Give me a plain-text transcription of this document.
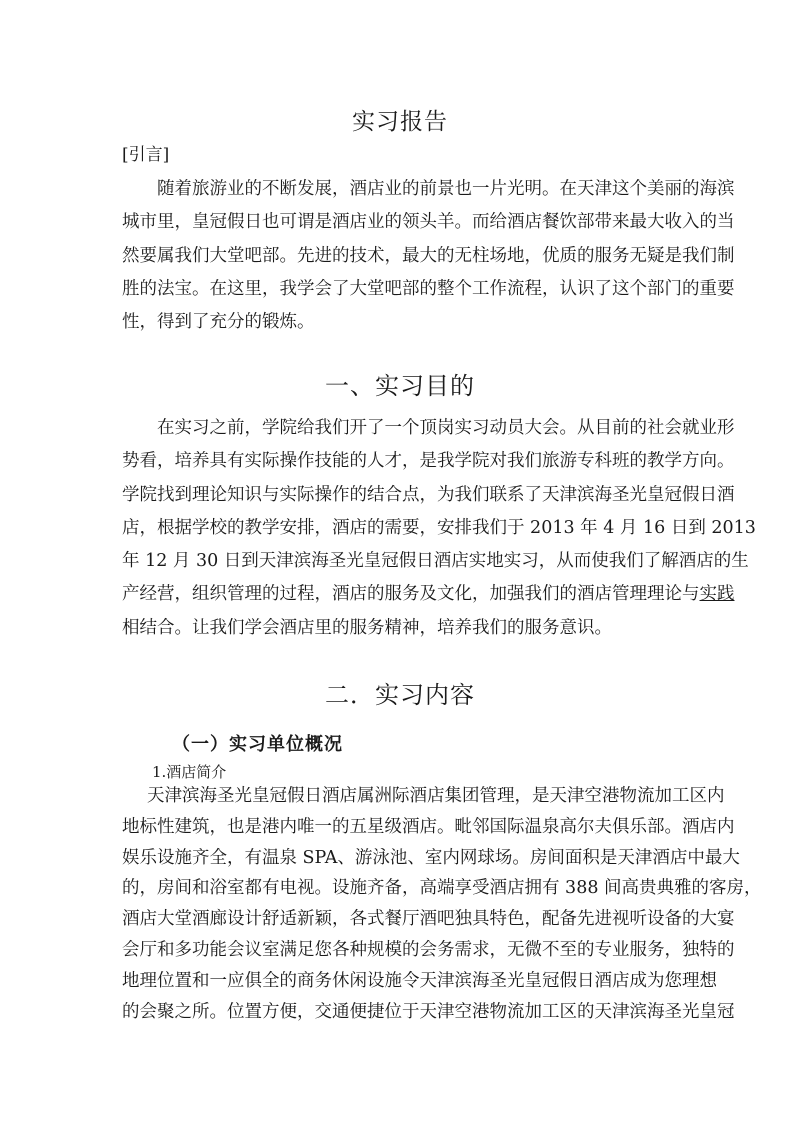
实习报告
[引言]
　　随着旅游业的不断发展，酒店业的前景也一片光明。在天津这个美丽的海滨
城市里，皇冠假日也可谓是酒店业的领头羊。而给酒店餐饮部带来最大收入的当
然要属我们大堂吧部。先进的技术，最大的无柱场地，优质的服务无疑是我们制
胜的法宝。在这里，我学会了大堂吧部的整个工作流程，认识了这个部门的重要
性，得到了充分的锻炼。
一、实习目的
　　在实习之前，学院给我们开了一个顶岗实习动员大会。从目前的社会就业形
势看，培养具有实际操作技能的人才，是我学院对我们旅游专科班的教学方向。
学院找到理论知识与实际操作的结合点，为我们联系了天津滨海圣光皇冠假日酒
店，根据学校的教学安排，酒店的需要，安排我们于 2013 年 4 月 16 日到 2013
年 12 月 30 日到天津滨海圣光皇冠假日酒店实地实习，从而使我们了解酒店的生
产经营，组织管理的过程，酒店的服务及文化，加强我们的酒店管理理论与实践
相结合。让我们学会酒店里的服务精神，培养我们的服务意识。
二．实习内容
（一）实习单位概况
1.酒店简介
天津滨海圣光皇冠假日酒店属洲际酒店集团管理，是天津空港物流加工区内
地标性建筑，也是港内唯一的五星级酒店。毗邻国际温泉高尔夫俱乐部。酒店内
娱乐设施齐全，有温泉 SPA、游泳池、室内网球场。房间面积是天津酒店中最大
的，房间和浴室都有电视。设施齐备，高端享受酒店拥有 388 间高贵典雅的客房，
酒店大堂酒廊设计舒适新颖，各式餐厅酒吧独具特色，配备先进视听设备的大宴
会厅和多功能会议室满足您各种规模的会务需求，无微不至的专业服务，独特的
地理位置和一应俱全的商务休闲设施令天津滨海圣光皇冠假日酒店成为您理想
的会聚之所。位置方便，交通便捷位于天津空港物流加工区的天津滨海圣光皇冠
